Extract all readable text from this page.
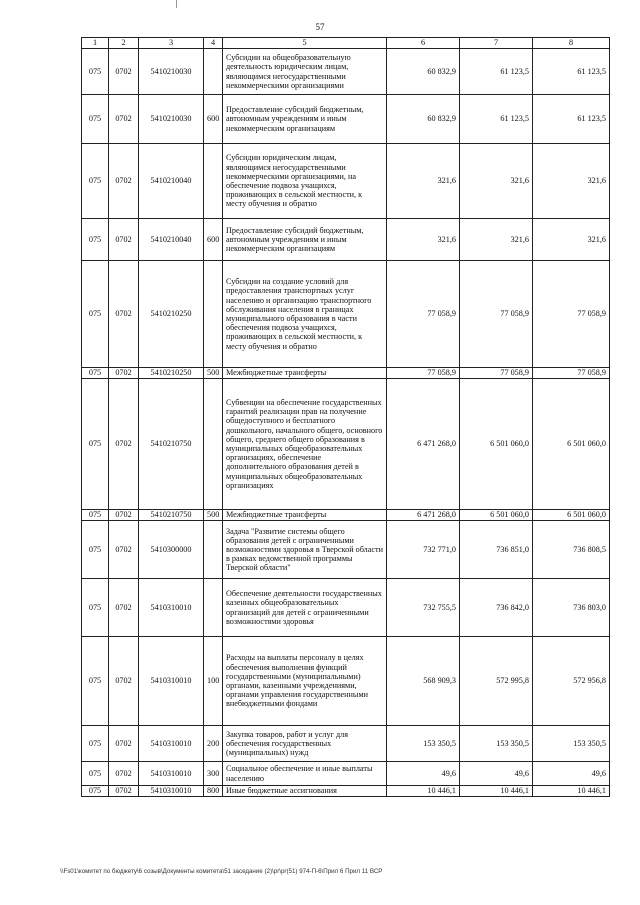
57
1	2	3	4	5	6	7	8
075	0702	5410210030		Субсидии на общеобразовательную деятельность юридическим лицам, являющимся негосударственными некоммерческими организациями	60 832,9	61 123,5	61 123,5
075	0702	5410210030	600	Предоставление субсидий бюджетным, автономным учреждениям и иным некоммерческим организациям	60 832,9	61 123,5	61 123,5
075	0702	5410210040		Субсидии юридическим лицам, являющимся негосударственными некоммерческими организациями, на обеспечение подвоза учащихся, проживающих в сельской местности, к месту обучения и обратно	321,6	321,6	321,6
075	0702	5410210040	600	Предоставление субсидий бюджетным, автономным учреждениям и иным некоммерческим организациям	321,6	321,6	321,6
075	0702	5410210250		Субсидии на создание условий для предоставления транспортных услуг населению и организацию транспортного обслуживания населения в границах муниципального образования в части обеспечения подвоза учащихся, проживающих в сельской местности, к месту обучения и обратно	77 058,9	77 058,9	77 058,9
075	0702	5410210250	500	Межбюджетные трансферты	77 058,9	77 058,9	77 058,9
075	0702	5410210750		Субвенции на обеспечение государственных гарантий реализации прав на получение общедоступного и бесплатного дошкольного, начального общего, основного общего, среднего общего образования в муниципальных общеобразовательных организациях, обеспечение дополнительного образования детей в муниципальных общеобразовательных организациях	6 471 268,0	6 501 060,0	6 501 060,0
075	0702	5410210750	500	Межбюджетные трансферты	6 471 268,0	6 501 060,0	6 501 060,0
075	0702	5410300000		Задача "Развитие системы общего образования детей с ограниченными возможностями здоровья в Тверской области в рамках ведомственной программы Тверской области"	732 771,0	736 851,0	736 808,5
075	0702	5410310010		Обеспечение деятельности государственных казенных общеобразовательных организаций для детей с ограниченными возможностями здоровья	732 755,5	736 842,0	736 803,0
075	0702	5410310010	100	Расходы на выплаты персоналу в целях обеспечения выполнения функций государственными (муниципальными) органами, казенными учреждениями, органами управления государственными внебюджетными фондами	568 909,3	572 995,8	572 956,8
075	0702	5410310010	200	Закупка товаров, работ и услуг для обеспечения государственных (муниципальных) нужд	153 350,5	153 350,5	153 350,5
075	0702	5410310010	300	Социальное обеспечение и иные выплаты населению	49,6	49,6	49,6
075	0702	5410310010	800	Иные бюджетные ассигнования	10 446,1	10 446,1	10 446,1
\\Fs01\комитет по бюджету\6 созыв\Документы комитета\51 заседание (2)\pr\pr(51) 974-П-6\Прил 6 Прил 11 ВСР
